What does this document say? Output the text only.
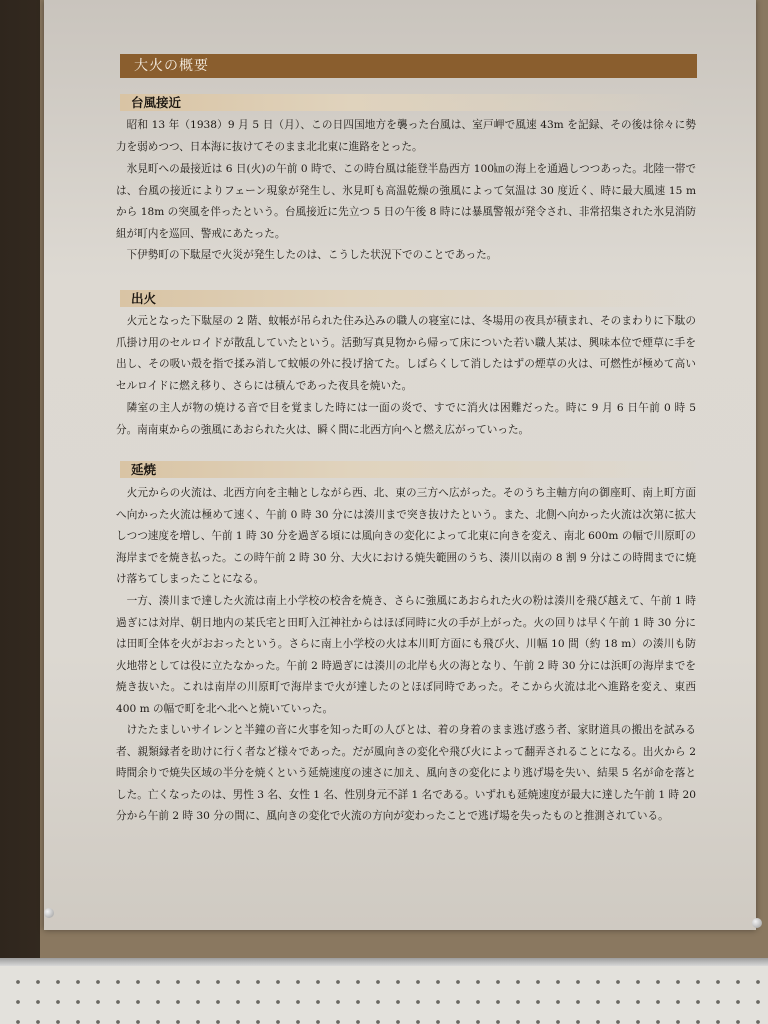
大火の概要
台風接近

昭和 13 年（1938）9 月 5 日（月）、この日四国地方を襲った台風は、室戸岬で風速 43m を記録、その後は徐々に勢力を弱めつつ、日本海に抜けてそのまま北北東に進路をとった。

氷見町への最接近は 6 日(火)の午前 0 時で、この時台風は能登半島西方 100㎞の海上を通過しつつあった。北陸一帯では、台風の接近によりフェーン現象が発生し、氷見町も高温乾燥の強風によって気温は 30 度近く、時に最大風速 15 m から 18m の突風を伴ったという。台風接近に先立つ 5 日の午後 8 時には暴風警報が発令され、非常招集された氷見消防組が町内を巡回、警戒にあたった。

下伊勢町の下駄屋で火災が発生したのは、こうした状況下でのことであった。

出火

火元となった下駄屋の 2 階、蚊帳が吊られた住み込みの職人の寝室には、冬場用の夜具が積まれ、そのまわりに下駄の爪掛け用のセルロイドが散乱していたという。活動写真見物から帰って床についた若い職人某は、興味本位で煙草に手を出し、その吸い殻を指で揉み消して蚊帳の外に投げ捨てた。しばらくして消したはずの煙草の火は、可燃性が極めて高いセルロイドに燃え移り、さらには積んであった夜具を焼いた。

隣室の主人が物の焼ける音で目を覚ました時には一面の炎で、すでに消火は困難だった。時に 9 月 6 日午前 0 時 5 分。南南東からの強風にあおられた火は、瞬く間に北西方向へと燃え広がっていった。

延焼

火元からの火流は、北西方向を主軸としながら西、北、東の三方へ広がった。そのうち主軸方向の御座町、南上町方面へ向かった火流は極めて速く、午前 0 時 30 分には湊川まで突き抜けたという。また、北側へ向かった火流は次第に拡大しつつ速度を増し、午前 1 時 30 分を過ぎる頃には風向きの変化によって北東に向きを変え、南北 600m の幅で川原町の海岸までを焼き払った。この時午前 2 時 30 分、大火における焼失範囲のうち、湊川以南の 8 割 9 分はこの時間までに焼け落ちてしまったことになる。

一方、湊川まで達した火流は南上小学校の校舎を焼き、さらに強風にあおられた火の粉は湊川を飛び越えて、午前 1 時過ぎには対岸、朝日地内の某氏宅と田町入江神社からはほぼ同時に火の手が上がった。火の回りは早く午前 1 時 30 分には田町全体を火がおおったという。さらに南上小学校の火は本川町方面にも飛び火、川幅 10 間（約 18 m）の湊川も防火地帯としては役に立たなかった。午前 2 時過ぎには湊川の北岸も火の海となり、午前 2 時 30 分には浜町の海岸までを焼き抜いた。これは南岸の川原町で海岸まで火が達したのとほぼ同時であった。そこから火流は北へ進路を変え、東西 400 m の幅で町を北へ北へと焼いていった。

けたたましいサイレンと半鐘の音に火事を知った町の人びとは、着の身着のまま逃げ惑う者、家財道具の搬出を試みる者、親類縁者を助けに行く者など様々であった。だが風向きの変化や飛び火によって翻弄されることになる。出火から 2 時間余りで焼失区域の半分を焼くという延焼速度の速さに加え、風向きの変化により逃げ場を失い、結果 5 名が命を落とした。亡くなったのは、男性 3 名、女性 1 名、性別身元不詳 1 名である。いずれも延焼速度が最大に達した午前 1 時 20 分から午前 2 時 30 分の間に、風向きの変化で火流の方向が変わったことで逃げ場を失ったものと推測されている。
